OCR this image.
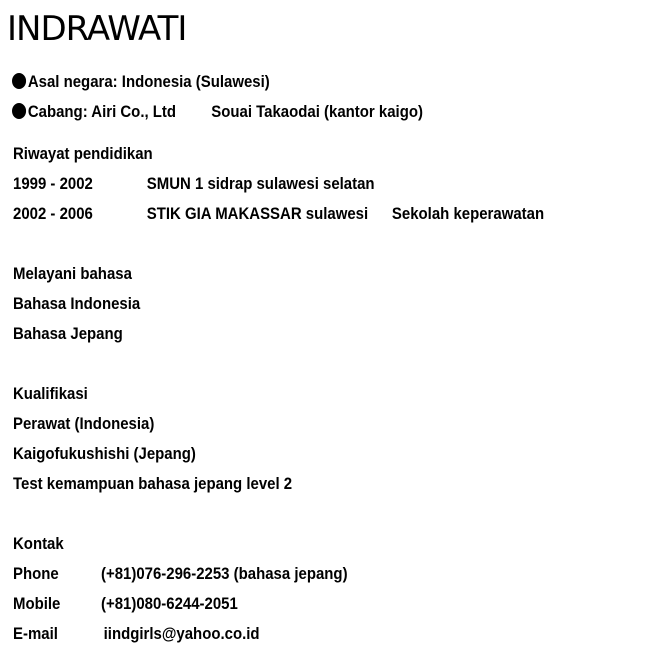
INDRAWATI
Asal negara: Indonesia (Sulawesi)
Cabang: Airi Co., Ltd Souai Takaodai (kantor kaigo)
Riwayat pendidikan
1999 - 2002	SMUN 1 sidrap sulawesi selatan
2002 - 2006	STIK GIA MAKASSAR sulawesi Sekolah keperawatan
Melayani bahasa
Bahasa Indonesia
Bahasa Jepang
Kualifikasi
Perawat (Indonesia)
Kaigofukushishi (Jepang)
Test kemampuan bahasa jepang level 2
Kontak
Phone (+81)076-296-2253 (bahasa jepang)
Mobile (+81)080-6244-2051
E-mail	iindgirls@yahoo.co.id
